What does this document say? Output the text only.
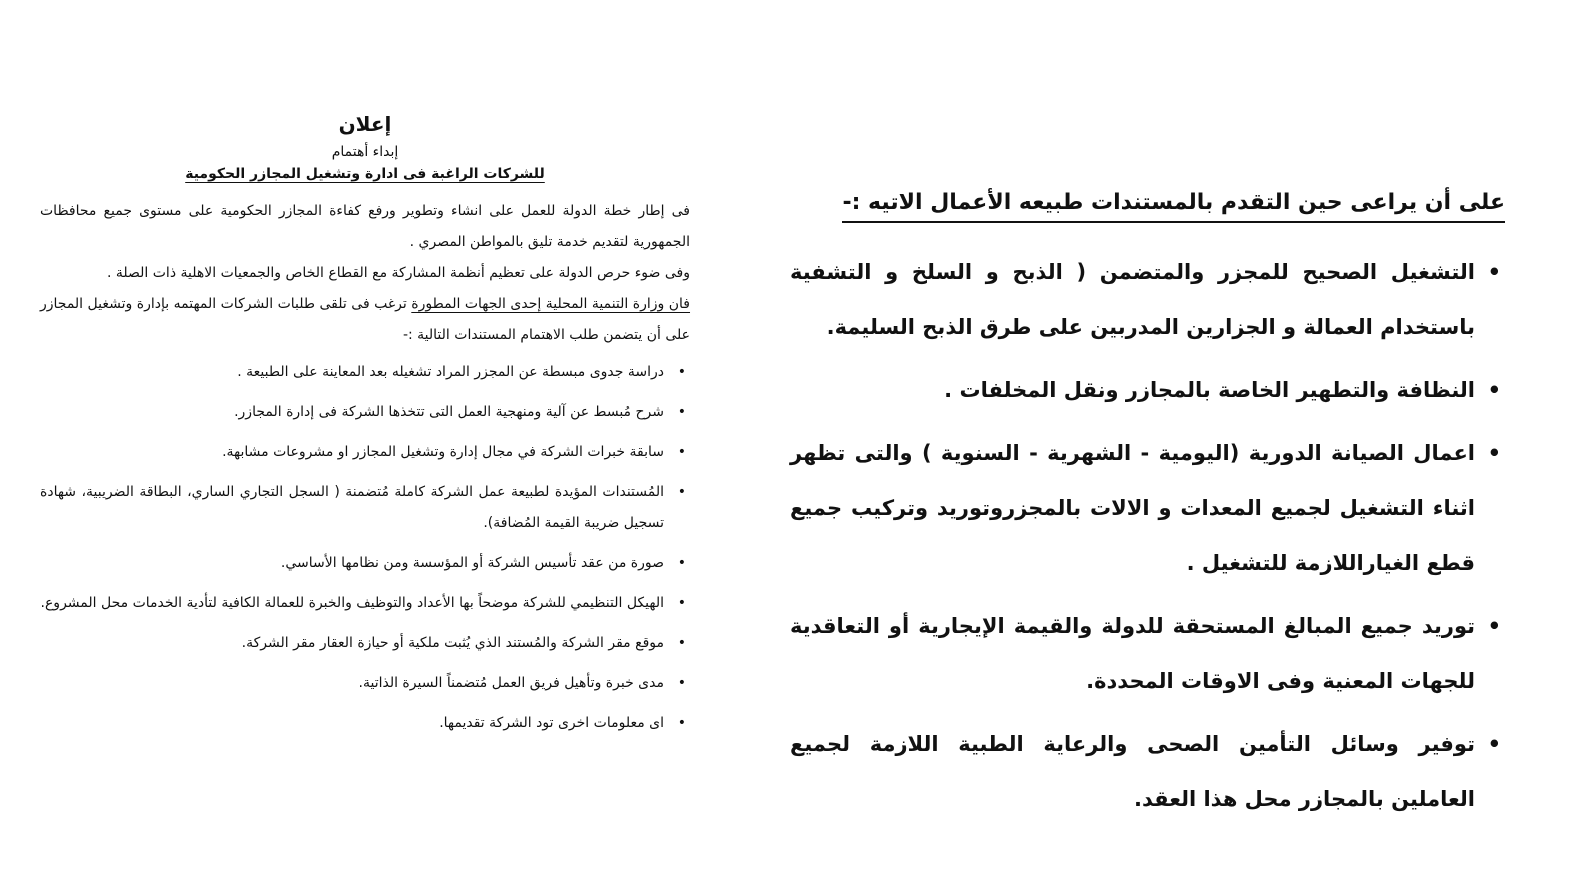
إعلان
إبداء أهتمام
للشركات الراغبة فى ادارة وتشغيل المجازر الحكومية

فى إطار خطة الدولة للعمل على انشاء وتطوير ورفع كفاءة المجازر الحكومية على مستوى جميع محافظات الجمهورية لتقديم خدمة تليق بالمواطن المصري .

وفى ضوء حرص الدولة على تعظيم أنظمة المشاركة مع القطاع الخاص والجمعيات الاهلية ذات الصلة .

فان وزارة التنمية المحلية إحدى الجهات المطورة ترغب فى تلقى طلبات الشركات المهتمه بإدارة وتشغيل المجازر على أن يتضمن طلب الاهتمام المستندات التالية :-

•
دراسة جدوى مبسطة عن المجزر المراد تشغيله بعد المعاينة على الطبيعة .
•
شرح مُبسط عن آلية ومنهجية العمل التى تتخذها الشركة فى إدارة المجازر.
•
سابقة خبرات الشركة في مجال إدارة وتشغيل المجازر او مشروعات مشابهة.
•
المُستندات المؤيدة لطبيعة عمل الشركة كاملة مُتضمنة ( السجل التجاري الساري، البطاقة الضريبية، شهادة تسجيل ضريبة القيمة المُضافة).
•
صورة من عقد تأسيس الشركة أو المؤسسة ومن نظامها الأساسي.
•
الهيكل التنظيمي للشركة موضحاً بها الأعداد والتوظيف والخبرة للعمالة الكافية لتأدية الخدمات محل المشروع.
•
موقع مقر الشركة والمُستند الذي يُثبت ملكية أو حيازة العقار مقر الشركة.
•
مدى خبرة وتأهيل فريق العمل مُتضمناً السيرة الذاتية.
•
اى معلومات اخرى تود الشركة تقديمها.
على أن يراعى حين التقدم بالمستندات طبيعه الأعمال الاتيه :-
•
التشغيل الصحيح للمجزر والمتضمن ( الذبح و السلخ و التشفية باستخدام العمالة و الجزارين المدربين على طرق الذبح السليمة.
•
النظافة والتطهير الخاصة بالمجازر ونقل المخلفات .
•
اعمال الصيانة الدورية (اليومية - الشهرية - السنوية ) والتى تظهر اثناء التشغيل لجميع المعدات و الالات بالمجزروتوريد وتركيب جميع قطع الغياراللازمة للتشغيل .
•
توريد جميع المبالغ المستحقة للدولة والقيمة الإيجارية أو التعاقدية للجهات المعنية وفى الاوقات المحددة.
•
توفير وسائل التأمين الصحى والرعاية الطبية اللازمة لجميع العاملين بالمجازر محل هذا العقد.
